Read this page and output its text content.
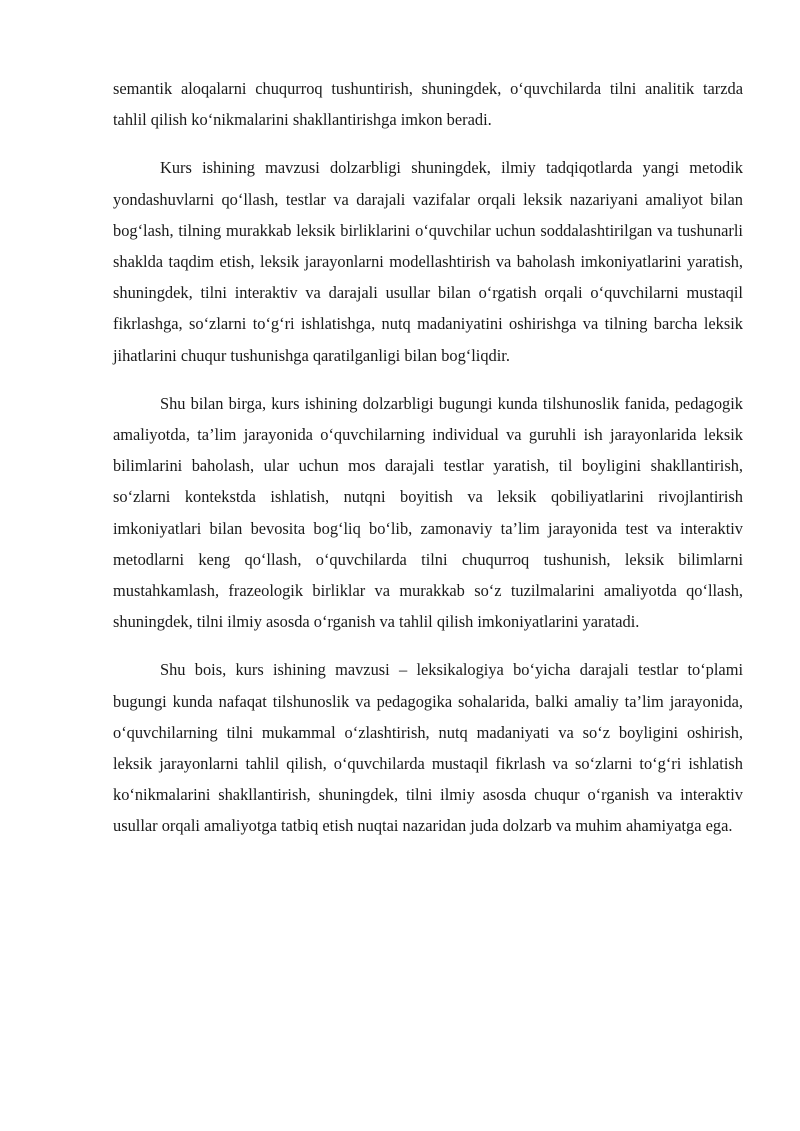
semantik aloqalarni chuqurroq tushuntirish, shuningdek, o‘quvchilarda tilni analitik tarzda tahlil qilish ko‘nikmalarini shakllantirishga imkon beradi.

Kurs ishining mavzusi dolzarbligi shuningdek, ilmiy tadqiqotlarda yangi metodik yondashuvlarni qo‘llash, testlar va darajali vazifalar orqali leksik nazariyani amaliyot bilan bog‘lash, tilning murakkab leksik birliklarini o‘quvchilar uchun soddalashtirilgan va tushunarli shaklda taqdim etish, leksik jarayonlarni modellashtirish va baholash imkoniyatlarini yaratish, shuningdek, tilni interaktiv va darajali usullar bilan o‘rgatish orqali o‘quvchilarni mustaqil fikrlashga, so‘zlarni to‘g‘ri ishlatishga, nutq madaniyatini oshirishga va tilning barcha leksik jihatlarini chuqur tushunishga qaratilganligi bilan bog‘liqdir.

Shu bilan birga, kurs ishining dolzarbligi bugungi kunda tilshunoslik fanida, pedagogik amaliyotda, ta’lim jarayonida o‘quvchilarning individual va guruhli ish jarayonlarida leksik bilimlarini baholash, ular uchun mos darajali testlar yaratish, til boyligini shakllantirish, so‘zlarni kontekstda ishlatish, nutqni boyitish va leksik qobiliyatlarini rivojlantirish imkoniyatlari bilan bevosita bog‘liq bo‘lib, zamonaviy ta’lim jarayonida test va interaktiv metodlarni keng qo‘llash, o‘quvchilarda tilni chuqurroq tushunish, leksik bilimlarni mustahkamlash, frazeologik birliklar va murakkab so‘z tuzilmalarini amaliyotda qo‘llash, shuningdek, tilni ilmiy asosda o‘rganish va tahlil qilish imkoniyatlarini yaratadi.

Shu bois, kurs ishining mavzusi – leksikalogiya bo‘yicha darajali testlar to‘plami bugungi kunda nafaqat tilshunoslik va pedagogika sohalarida, balki amaliy ta’lim jarayonida, o‘quvchilarning tilni mukammal o‘zlashtirish, nutq madaniyati va so‘z boyligini oshirish, leksik jarayonlarni tahlil qilish, o‘quvchilarda mustaqil fikrlash va so‘zlarni to‘g‘ri ishlatish ko‘nikmalarini shakllantirish, shuningdek, tilni ilmiy asosda chuqur o‘rganish va interaktiv usullar orqali amaliyotga tatbiq etish nuqtai nazaridan juda dolzarb va muhim ahamiyatga ega.
